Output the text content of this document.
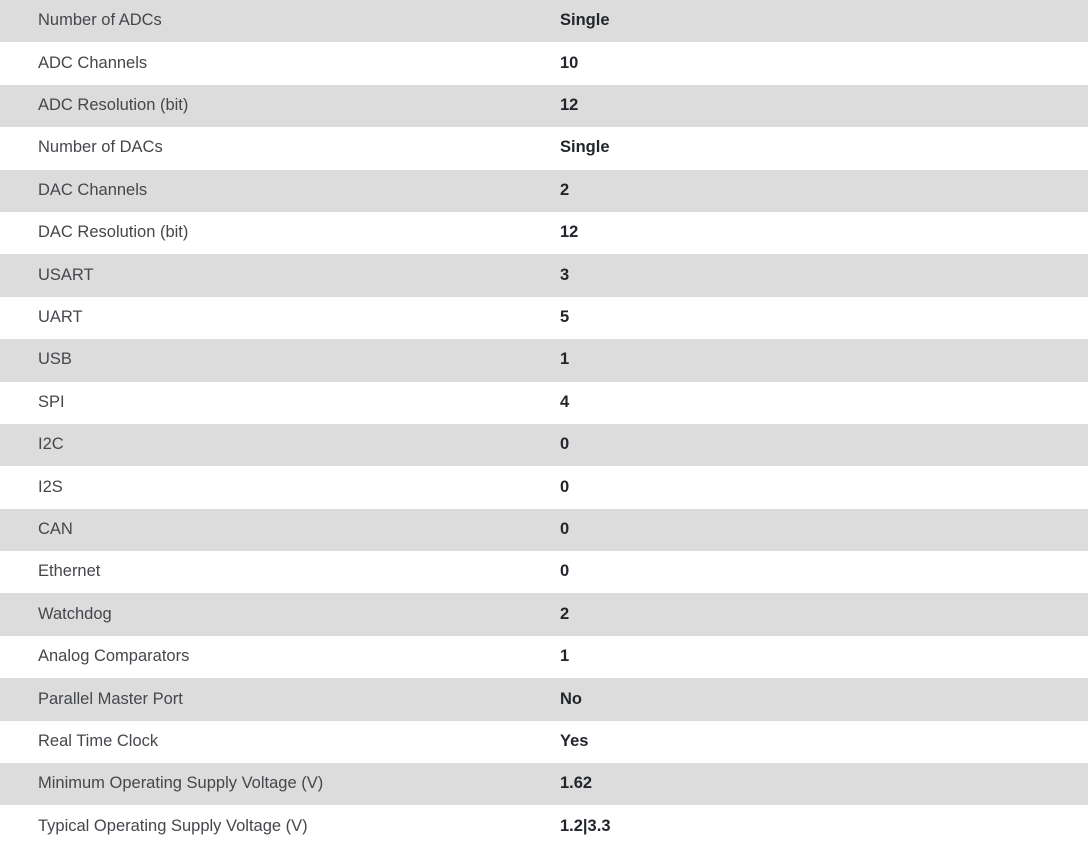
Number of ADCs	Single
ADC Channels	10
ADC Resolution (bit)	12
Number of DACs	Single
DAC Channels	2
DAC Resolution (bit)	12
USART	3
UART	5
USB	1
SPI	4
I2C	0
I2S	0
CAN	0
Ethernet	0
Watchdog	2
Analog Comparators	1
Parallel Master Port	No
Real Time Clock	Yes
Minimum Operating Supply Voltage (V)	1.62
Typical Operating Supply Voltage (V)	1.2|3.3
